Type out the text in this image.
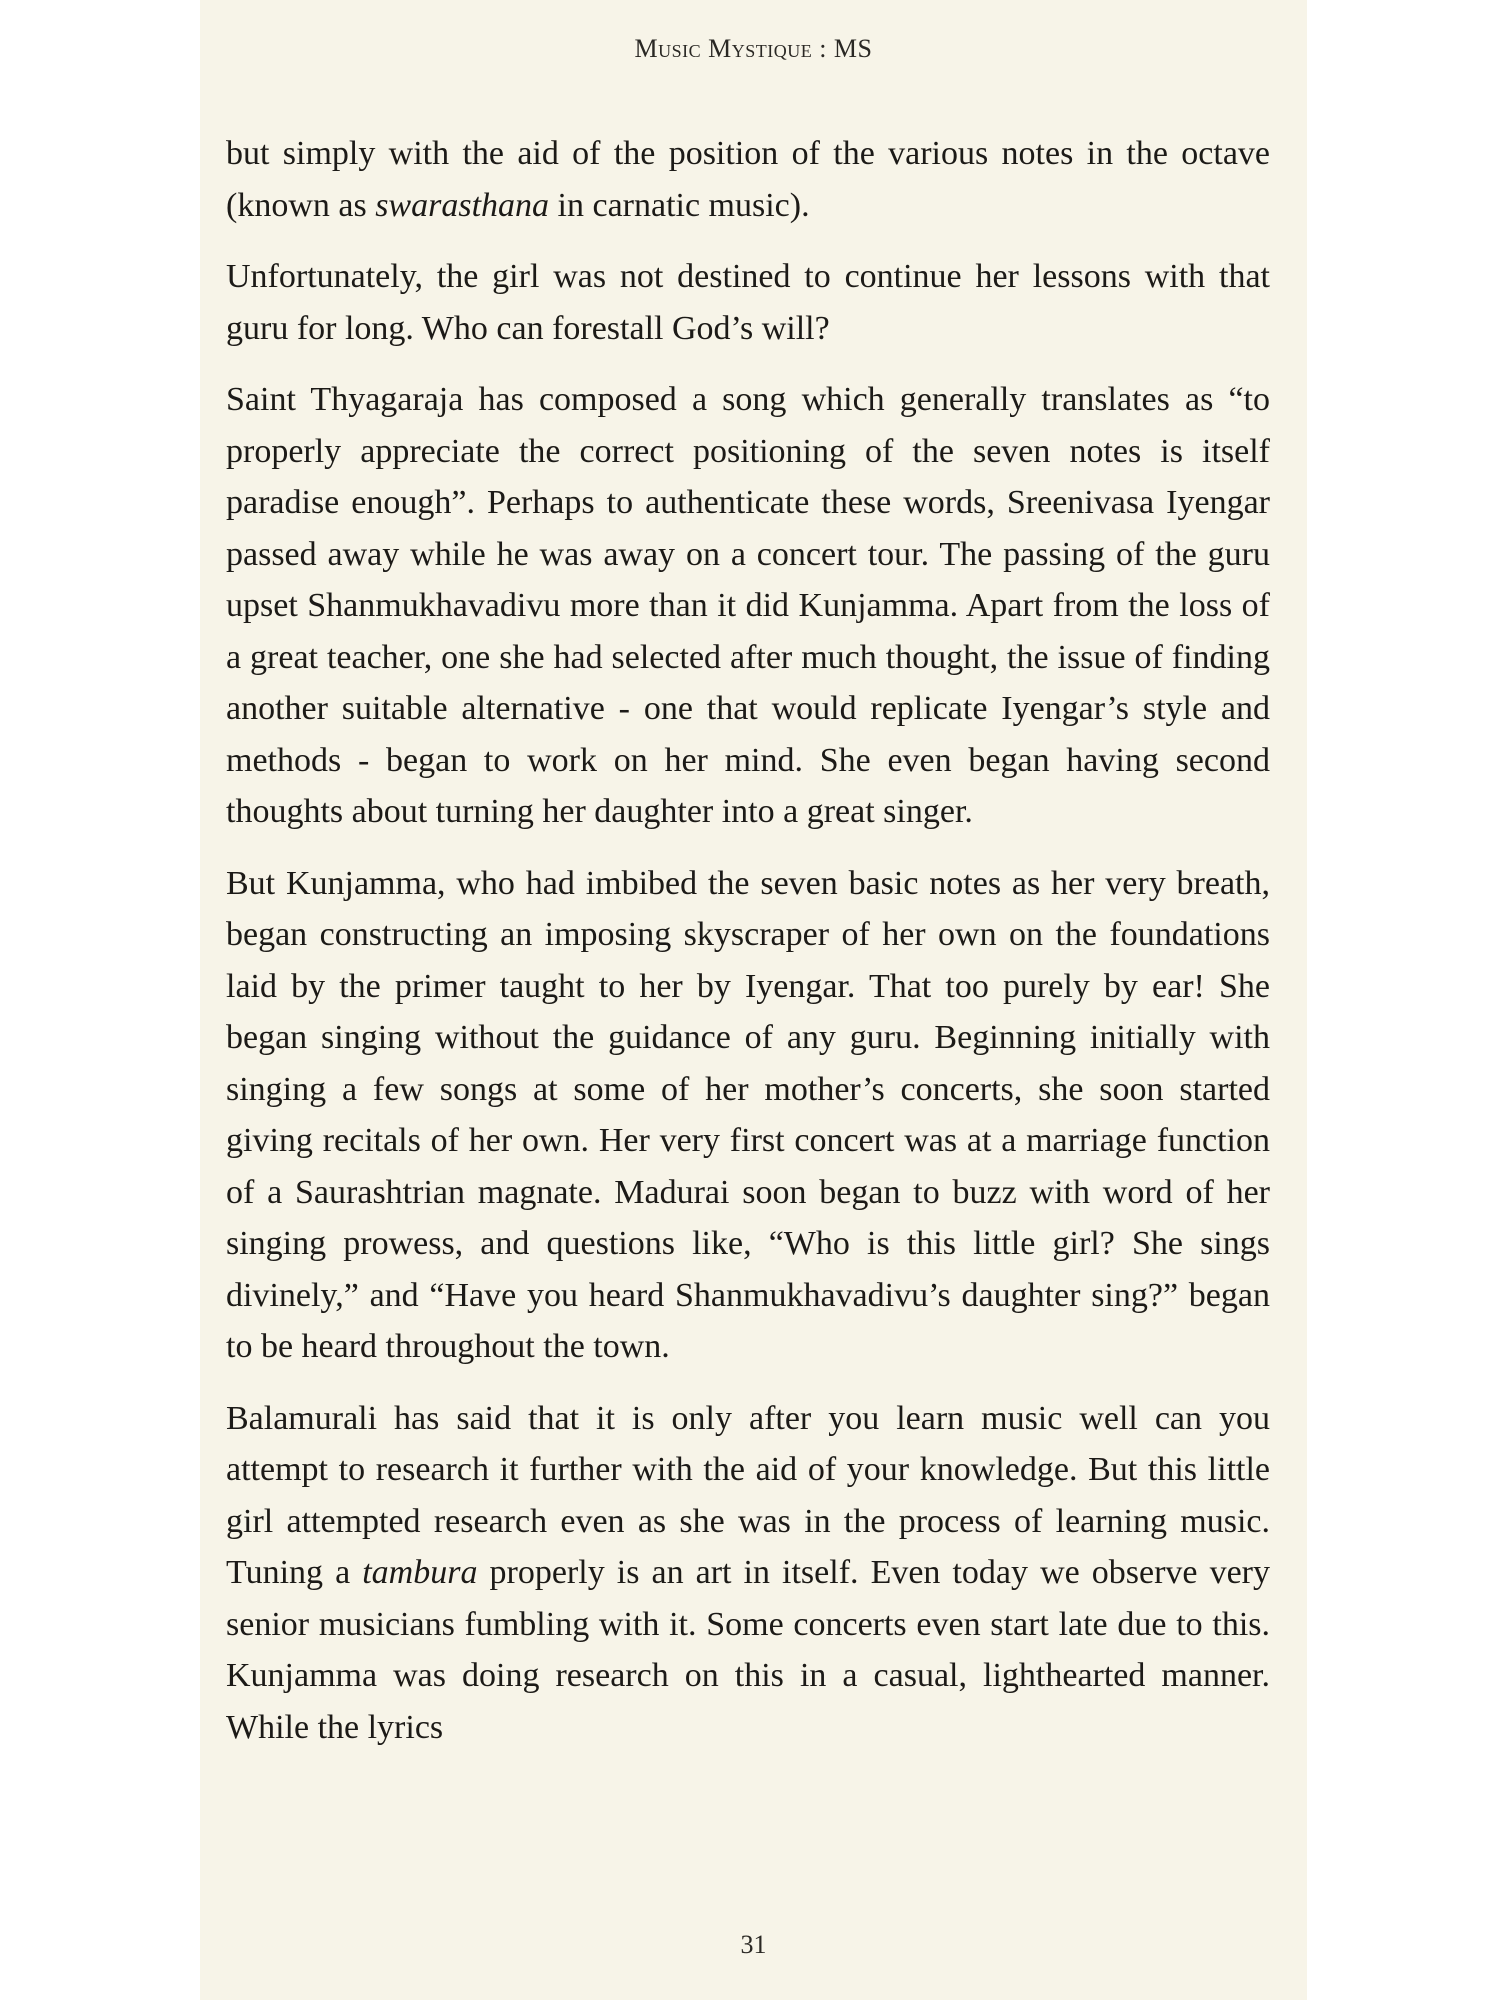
Music Mystique : MS

but simply with the aid of the position of the various notes in the octave (known as swarasthana in carnatic music).

Unfortunately, the girl was not destined to continue her lessons with that guru for long. Who can forestall God’s will?

Saint Thyagaraja has composed a song which generally translates as “to properly appreciate the correct positioning of the seven notes is itself paradise enough”. Perhaps to authenticate these words, Sreenivasa Iyengar passed away while he was away on a concert tour. The passing of the guru upset Shanmukhavadivu more than it did Kunjamma. Apart from the loss of a great teacher, one she had selected after much thought, the issue of finding another suitable alternative - one that would replicate Iyengar’s style and methods - began to work on her mind. She even began having second thoughts about turning her daughter into a great singer.

But Kunjamma, who had imbibed the seven basic notes as her very breath, began constructing an imposing skyscraper of her own on the foundations laid by the primer taught to her by Iyengar. That too purely by ear! She began singing without the guidance of any guru. Beginning initially with singing a few songs at some of her mother’s concerts, she soon started giving recitals of her own. Her very first concert was at a marriage function of a Saurashtrian magnate. Madurai soon began to buzz with word of her singing prowess, and questions like, “Who is this little girl? She sings divinely,” and “Have you heard Shanmukhavadivu’s daughter sing?” began to be heard throughout the town.

Balamurali has said that it is only after you learn music well can you attempt to research it further with the aid of your knowledge. But this little girl attempted research even as she was in the process of learning music. Tuning a tambura properly is an art in itself. Even today we observe very senior musicians fumbling with it. Some concerts even start late due to this. Kunjamma was doing research on this in a casual, lighthearted manner. While the lyrics

31
